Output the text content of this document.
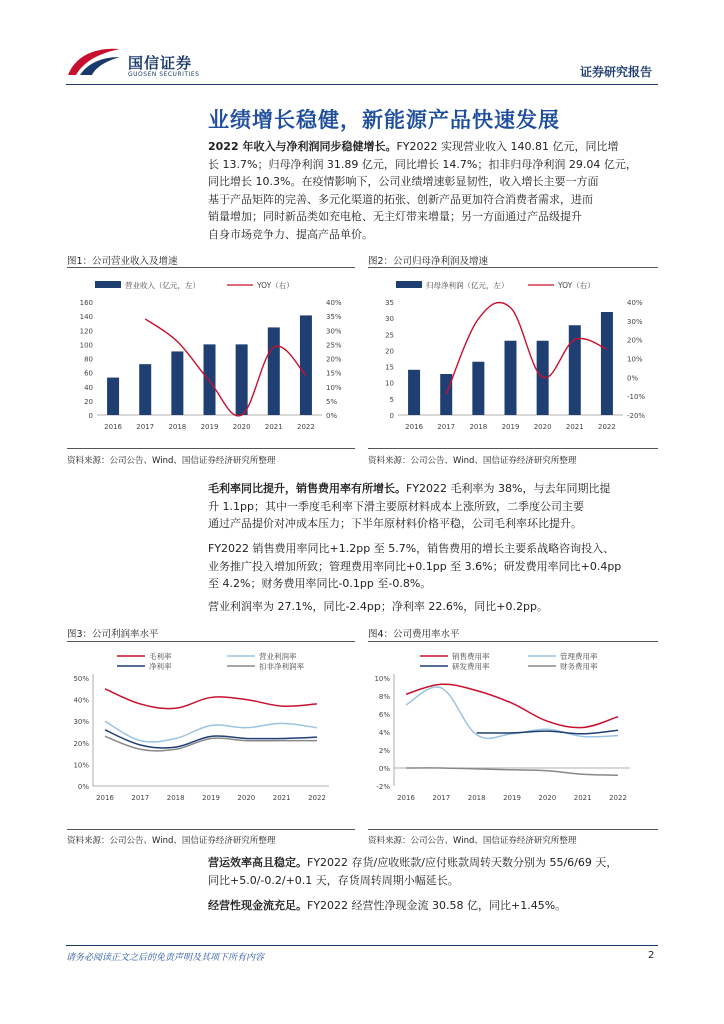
国信证券
GUOSEN SECURITIES	证券研究报告
业绩增长稳健，新能源产品快速发展
2022 年收入与净利润同步稳健增长。FY2022 实现营业收入 140.81 亿元，同比增
长 13.7%；归母净利润 31.89 亿元，同比增长 14.7%；扣非归母净利润 29.04 亿元，
同比增长 10.3%。在疫情影响下，公司业绩增速彰显韧性，收入增长主要一方面
基于产品矩阵的完善、多元化渠道的拓张、创新产品更加符合消费者需求，进而
销量增加；同时新品类如充电枪、无主灯带来增量；另一方面通过产品级提升
自身市场竞争力、提高产品单价。
图1：公司营业收入及增速	图2：公司归母净利润及增速
营业收入（亿元，左）	YOY（右）
0
20
40
60
80
100
120
140
160
0%
5%
10%
15%
20%
25%
30%
35%
40%
2016 2017 2018 2019 2020 2021 2022
归母净利润（亿元，左）	YOY（右）
0
5
10
15
20
25
30
35
-20%
-10%
0%
10%
20%
30%
40%
2016 2017 2018 2019 2020 2021 2022
资料来源：公司公告、Wind、国信证券经济研究所整理	资料来源：公司公告、Wind、国信证券经济研究所整理
毛利率同比提升，销售费用率有所增长。FY2022 毛利率为 38%，与去年同期比提
升 1.1pp；其中一季度毛利率下滑主要原材料成本上涨所致，二季度公司主要
通过产品提价对冲成本压力；下半年原材料价格平稳，公司毛利率环比提升。
FY2022 销售费用率同比+1.2pp 至 5.7%，销售费用的增长主要系战略咨询投入、
业务推广投入增加所致；管理费用率同比+0.1pp 至 3.6%；研发费用率同比+0.4pp
至 4.2%；财务费用率同比-0.1pp 至-0.8%。
营业利润率为 27.1%，同比-2.4pp；净利率 22.6%，同比+0.2pp。
图3：公司利润率水平	图4：公司费用率水平
毛利率	营业利润率
净利率	扣非净利润率
0%
10%
20%
30%
40%
50%
2016	2017	2018	2019	2020	2021	2022
销售费用率	管理费用率
研发费用率	财务费用率
-2%
0%
2%
4%
6%
8%
10%
2016	2017	2018	2019	2020	2021	2022
资料来源：公司公告、Wind、国信证券经济研究所整理	资料来源：公司公告、Wind、国信证券经济研究所整理
营运效率高且稳定。FY2022 存货/应收账款/应付账款周转天数分别为 55/6/69 天，
同比+5.0/-0.2/+0.1 天，存货周转周期小幅延长。
经营性现金流充足。FY2022 经营性净现金流 30.58 亿，同比+1.45%。
请务必阅读正文之后的免责声明及其项下所有内容	2
